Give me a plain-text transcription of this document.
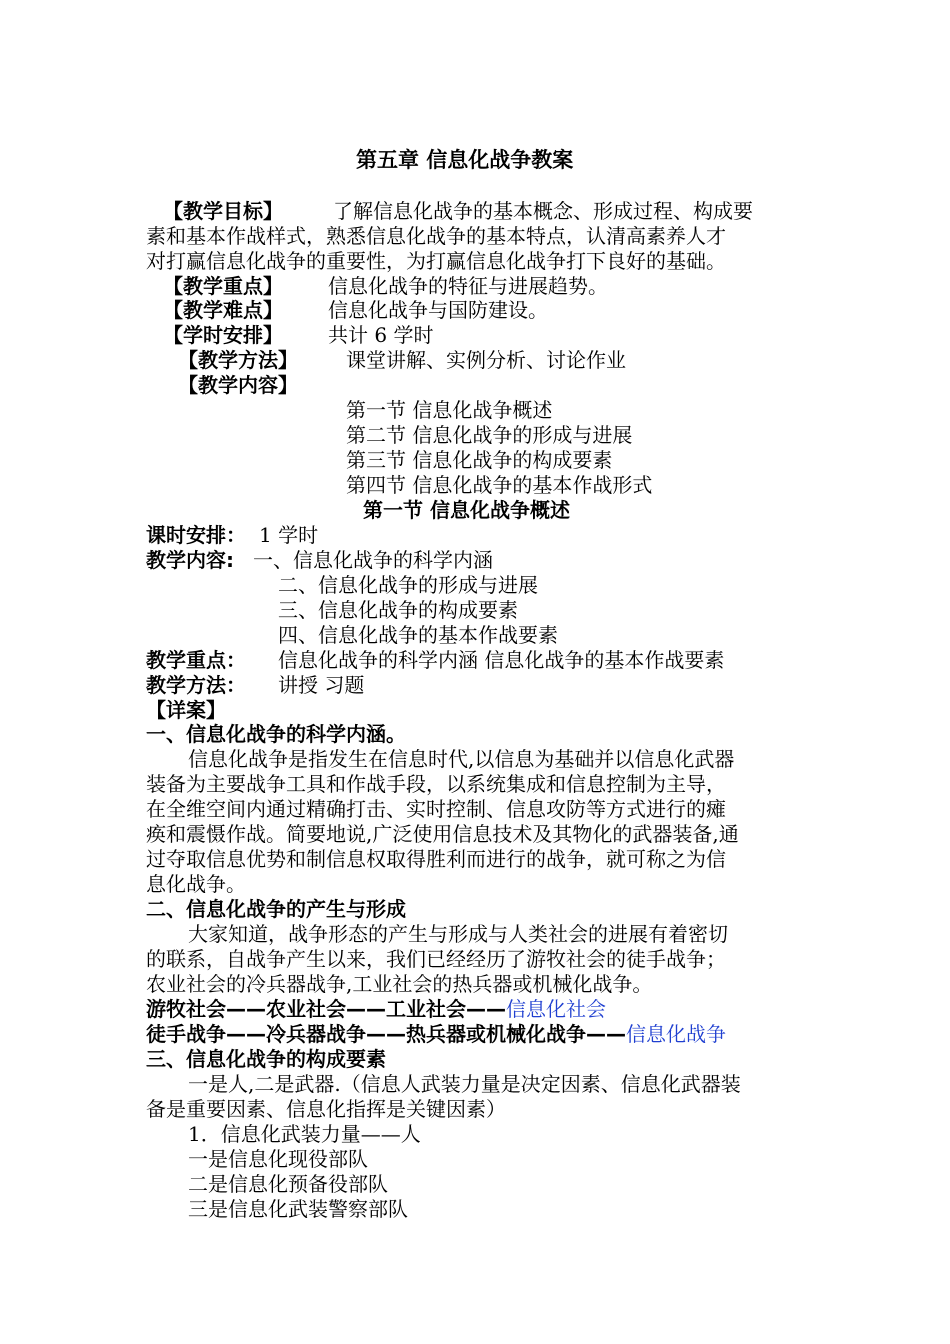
第五章 信息化战争教案
【教学目标】	了解信息化战争的基本概念、形成过程、构成要
素和基本作战样式，熟悉信息化战争的基本特点，认清高素养人才
对打赢信息化战争的重要性，为打赢信息化战争打下良好的基础。
【教学重点】 信息化战争的特征与进展趋势。
【教学难点】 信息化战争与国防建设。
【学时安排】 共计 6 学时
【教学方法】 课堂讲解、实例分析、讨论作业
【教学内容】
第一节 信息化战争概述
第二节 信息化战争的形成与进展
第三节 信息化战争的构成要素
第四节 信息化战争的基本作战形式
第一节 信息化战争概述
课时安排： 1 学时
教学内容: 一、信息化战争的科学内涵
二、信息化战争的形成与进展
三、信息化战争的构成要素
四、信息化战争的基本作战要素
教学重点： 信息化战争的科学内涵 信息化战争的基本作战要素
教学方法： 讲授 习题
【详案】
一、信息化战争的科学内涵。
信息化战争是指发生在信息时代,以信息为基础并以信息化武器
装备为主要战争工具和作战手段，以系统集成和信息控制为主导，
在全维空间内通过精确打击、实时控制、信息攻防等方式进行的瘫
痪和震慑作战。简要地说,广泛使用信息技术及其物化的武器装备,通
过夺取信息优势和制信息权取得胜利而进行的战争，就可称之为信
息化战争。
二、信息化战争的产生与形成
大家知道，战争形态的产生与形成与人类社会的进展有着密切
的联系，自战争产生以来，我们已经经历了游牧社会的徒手战争；
农业社会的冷兵器战争,工业社会的热兵器或机械化战争。
游牧社会——农业社会——工业社会——信息化社会
徒手战争——冷兵器战争——热兵器或机械化战争——信息化战争
三、信息化战争的构成要素
一是人,二是武器.（信息人武装力量是决定因素、信息化武器装
备是重要因素、信息化指挥是关键因素）
1．信息化武装力量——人
一是信息化现役部队
二是信息化预备役部队
三是信息化武装警察部队
